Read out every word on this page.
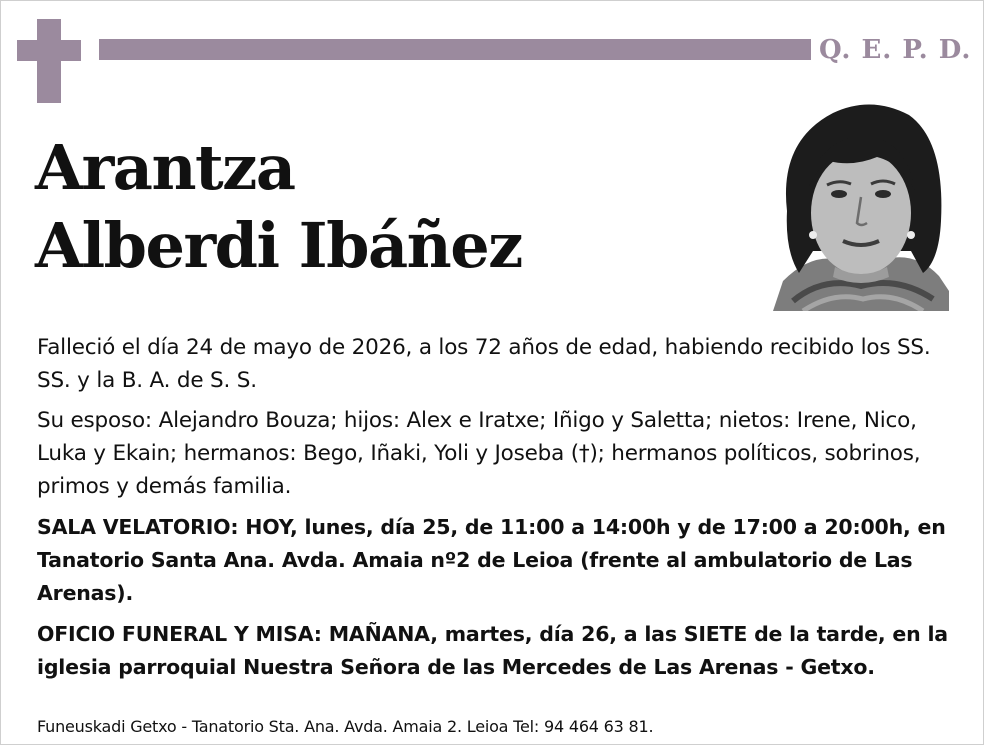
Q. E. P. D.
Arantza
Alberdi Ibáñez

Falleció el día 24 de mayo de 2026, a los 72 años de edad, habiendo recibido los SS. SS. y la B. A. de S. S.

Su esposo: Alejandro Bouza; hijos: Alex e Iratxe; Iñigo y Saletta; nietos: Irene, Nico, Luka y Ekain; hermanos: Bego, Iñaki, Yoli y Joseba (†); hermanos políticos, sobrinos, primos y demás familia.

SALA VELATORIO: HOY, lunes, día 25, de 11:00 a 14:00h y de 17:00 a 20:00h, en Tanatorio Santa Ana. Avda. Amaia nº2 de Leioa (frente al ambulatorio de Las Arenas).

OFICIO FUNERAL Y MISA: MAÑANA, martes, día 26, a las SIETE de la tarde, en la iglesia parroquial Nuestra Señora de las Mercedes de Las Arenas - Getxo.

Funeuskadi Getxo - Tanatorio Sta. Ana. Avda. Amaia 2. Leioa Tel: 94 464 63 81.
